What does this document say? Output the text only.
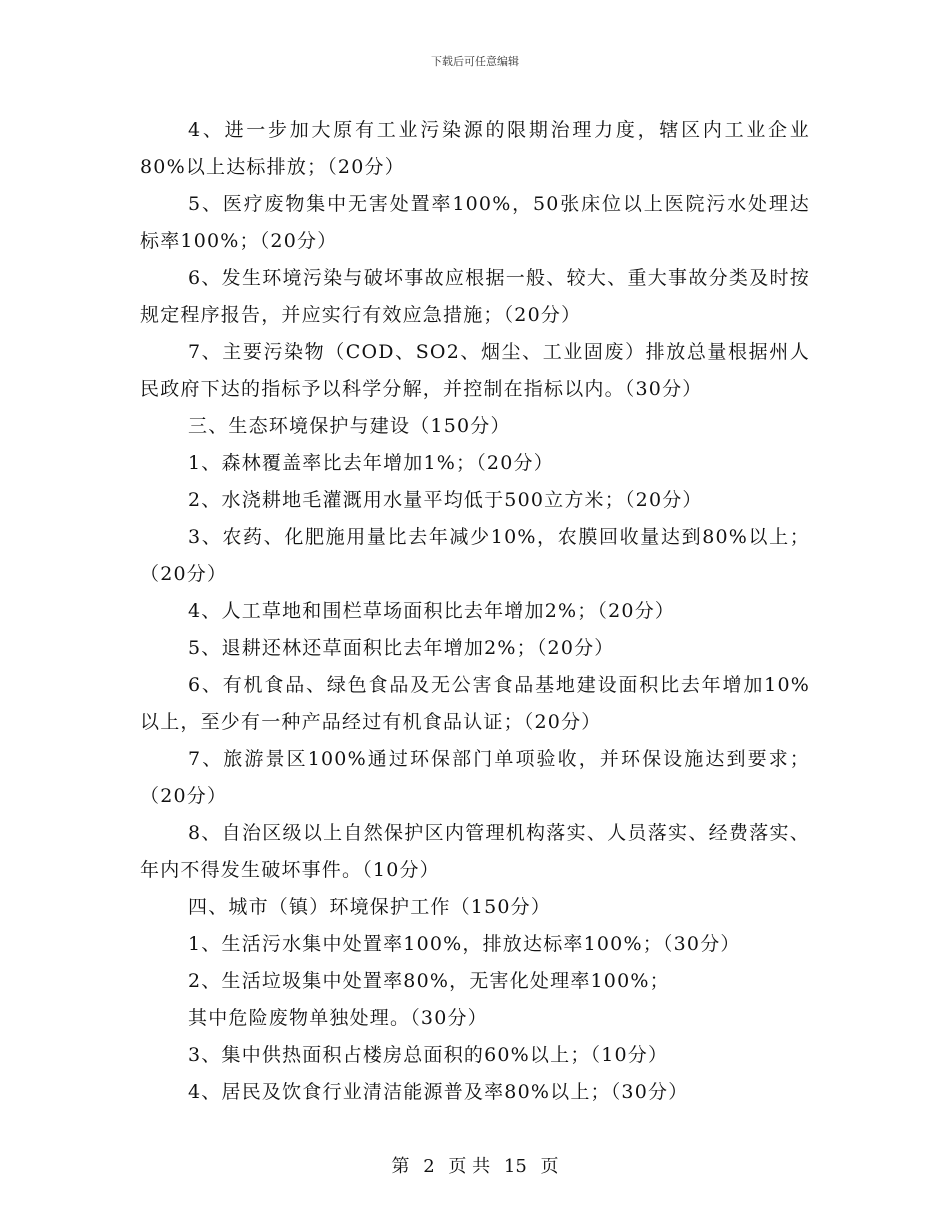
下载后可任意编辑

4、进一步加大原有工业污染源的限期治理力度，辖区内工业企业80%以上达标排放；（20分）

5、医疗废物集中无害处置率100%，50张床位以上医院污水处理达标率100%；（20分）

6、发生环境污染与破坏事故应根据一般、较大、重大事故分类及时按规定程序报告，并应实行有效应急措施；（20分）

7、主要污染物（COD、SO2、烟尘、工业固废）排放总量根据州人民政府下达的指标予以科学分解，并控制在指标以内。（30分）

三、生态环境保护与建设（150分）

1、森林覆盖率比去年增加1%；（20分）

2、水浇耕地毛灌溉用水量平均低于500立方米；（20分）

3、农药、化肥施用量比去年减少10%，农膜回收量达到80%以上；（20分）

4、人工草地和围栏草场面积比去年增加2%；（20分）

5、退耕还林还草面积比去年增加2%；（20分）

6、有机食品、绿色食品及无公害食品基地建设面积比去年增加10%以上，至少有一种产品经过有机食品认证；（20分）

7、旅游景区100%通过环保部门单项验收，并环保设施达到要求；（20分）

8、自治区级以上自然保护区内管理机构落实、人员落实、经费落实、年内不得发生破坏事件。（10分）

四、城市（镇）环境保护工作（150分）

1、生活污水集中处置率100%，排放达标率100%；（30分）

2、生活垃圾集中处置率80%，无害化处理率100%；

其中危险废物单独处理。（30分）

3、集中供热面积占楼房总面积的60%以上；（10分）

4、居民及饮食行业清洁能源普及率80%以上；（30分）

第 2 页 共 15 页
